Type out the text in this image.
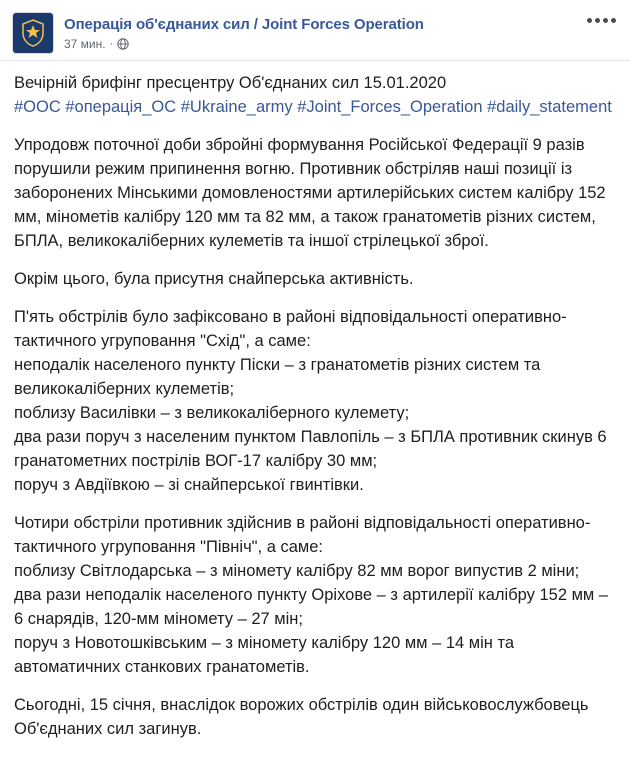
Операція об'єднаних сил / Joint Forces Operation
37 мин. ·

Вечірній брифінг пресцентру Об'єднаних сил 15.01.2020

#ООС #операція_ОС #Ukraine_army #Joint_Forces_Operation #daily_statement

Упродовж поточної доби збройні формування Російської Федерації 9 разів порушили режим припинення вогню. Противник обстріляв наші позиції із заборонених Мінськими домовленостями артилерійських систем калібру 152 мм, мінометів калібру 120 мм та 82 мм, а також гранатометів різних систем, БПЛА, великокаліберних кулеметів та іншої стрілецької зброї.

Окрім цього, була присутня снайперська активність.

П'ять обстрілів було зафіксовано в районі відповідальності оперативно-тактичного угруповання "Схід", а саме:

неподалік населеного пункту Піски – з гранатометів різних систем та великокаліберних кулеметів;

поблизу Василівки – з великокаліберного кулемету;

два рази поруч з населеним пунктом Павлопіль – з БПЛА противник скинув 6 гранатометних пострілів ВОГ-17 калібру 30 мм;

поруч з Авдіївкою – зі снайперської гвинтівки.

Чотири обстріли противник здійснив в районі відповідальності оперативно-тактичного угруповання "Північ", а саме:

поблизу Світлодарська – з міномету калібру 82 мм ворог випустив 2 міни;

два рази неподалік населеного пункту Оріхове – з артилерії калібру 152 мм – 6 снарядів, 120-мм міномету – 27 мін;

поруч з Новотошківським – з міномету калібру 120 мм – 14 мін та автоматичних станкових гранатометів.

Сьогодні, 15 січня, внаслідок ворожих обстрілів один військовослужбовець Об'єднаних сил загинув.
